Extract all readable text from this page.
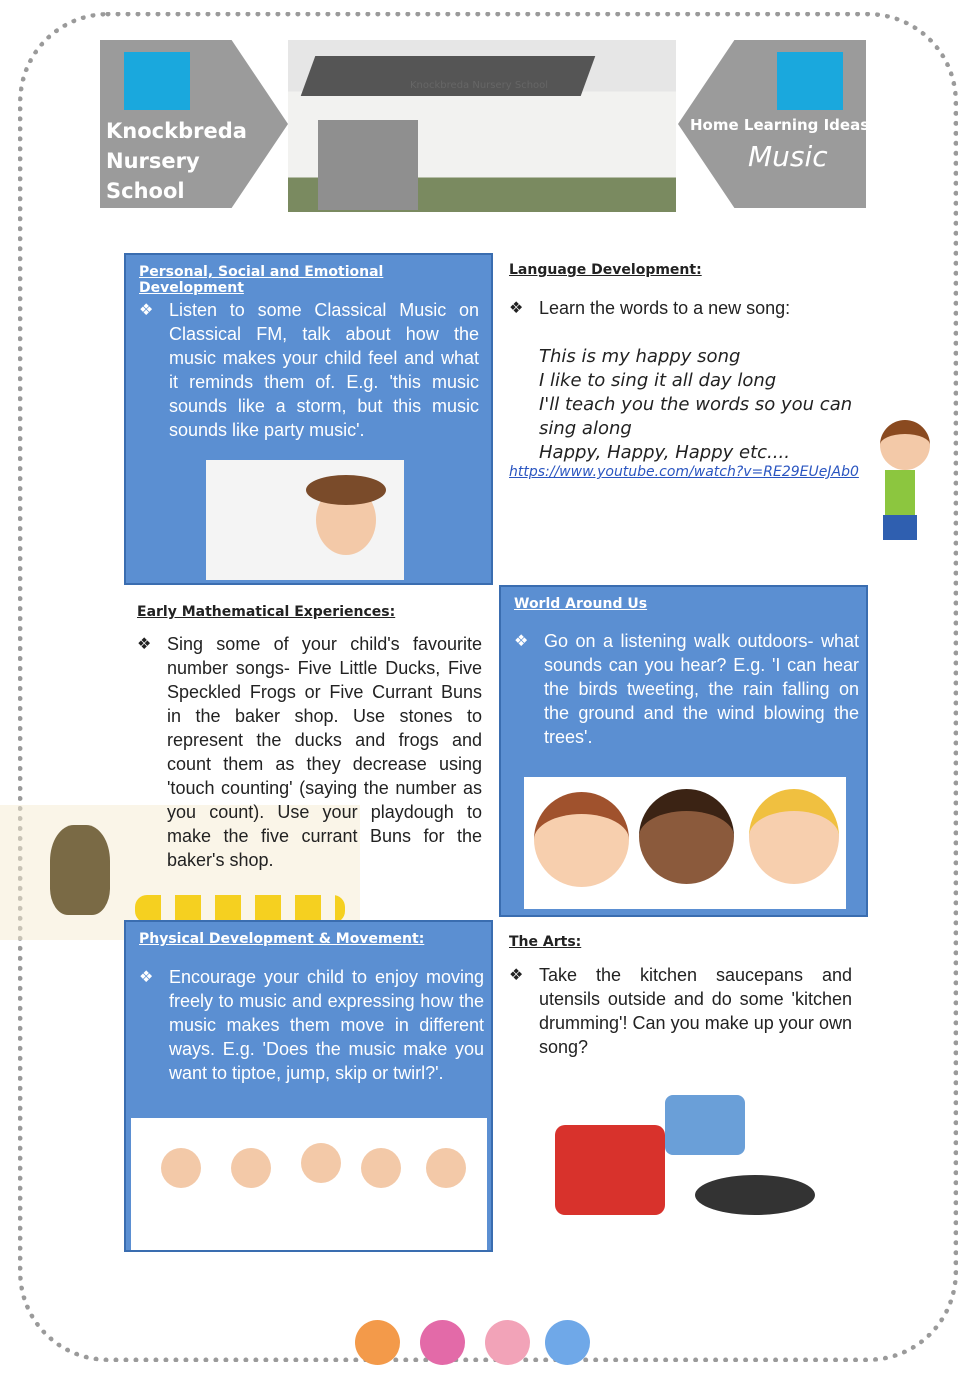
Knockbreda
Nursery
School
Knockbreda Nursery School
Home Learning Ideas
Music
Personal, Social and Emotional Development
❖ Listen to some Classical Music on Classical FM, talk about how the music makes your child feel and what it reminds them of. E.g. 'this music sounds like a storm, but this music sounds like party music'.
Language Development:
❖ Learn the words to a new song:
This is my happy song
I like to sing it all day long
I'll teach you the words so you can sing along
Happy, Happy, Happy etc....
https://www.youtube.com/watch?v=RE29EUeJAb0
Early Mathematical Experiences:
❖ Sing some of your child's favourite number songs- Five Little Ducks, Five Speckled Frogs or Five Currant Buns in the baker shop. Use stones to represent the ducks and frogs and count them as they decrease using 'touch counting' (saying the number as you count). Use your playdough to make the five currant Buns for the baker's shop.
World Around Us
❖ Go on a listening walk outdoors- what sounds can you hear? E.g. 'I can hear the birds tweeting, the rain falling on the ground and the wind blowing the trees'.
Physical Development & Movement:
❖ Encourage your child to enjoy moving freely to music and expressing how the music makes them move in different ways. E.g. 'Does the music make you want to tiptoe, jump, skip or twirl?'.
The Arts:
❖ Take the kitchen saucepans and utensils outside and do some 'kitchen drumming'! Can you make up your own song?
